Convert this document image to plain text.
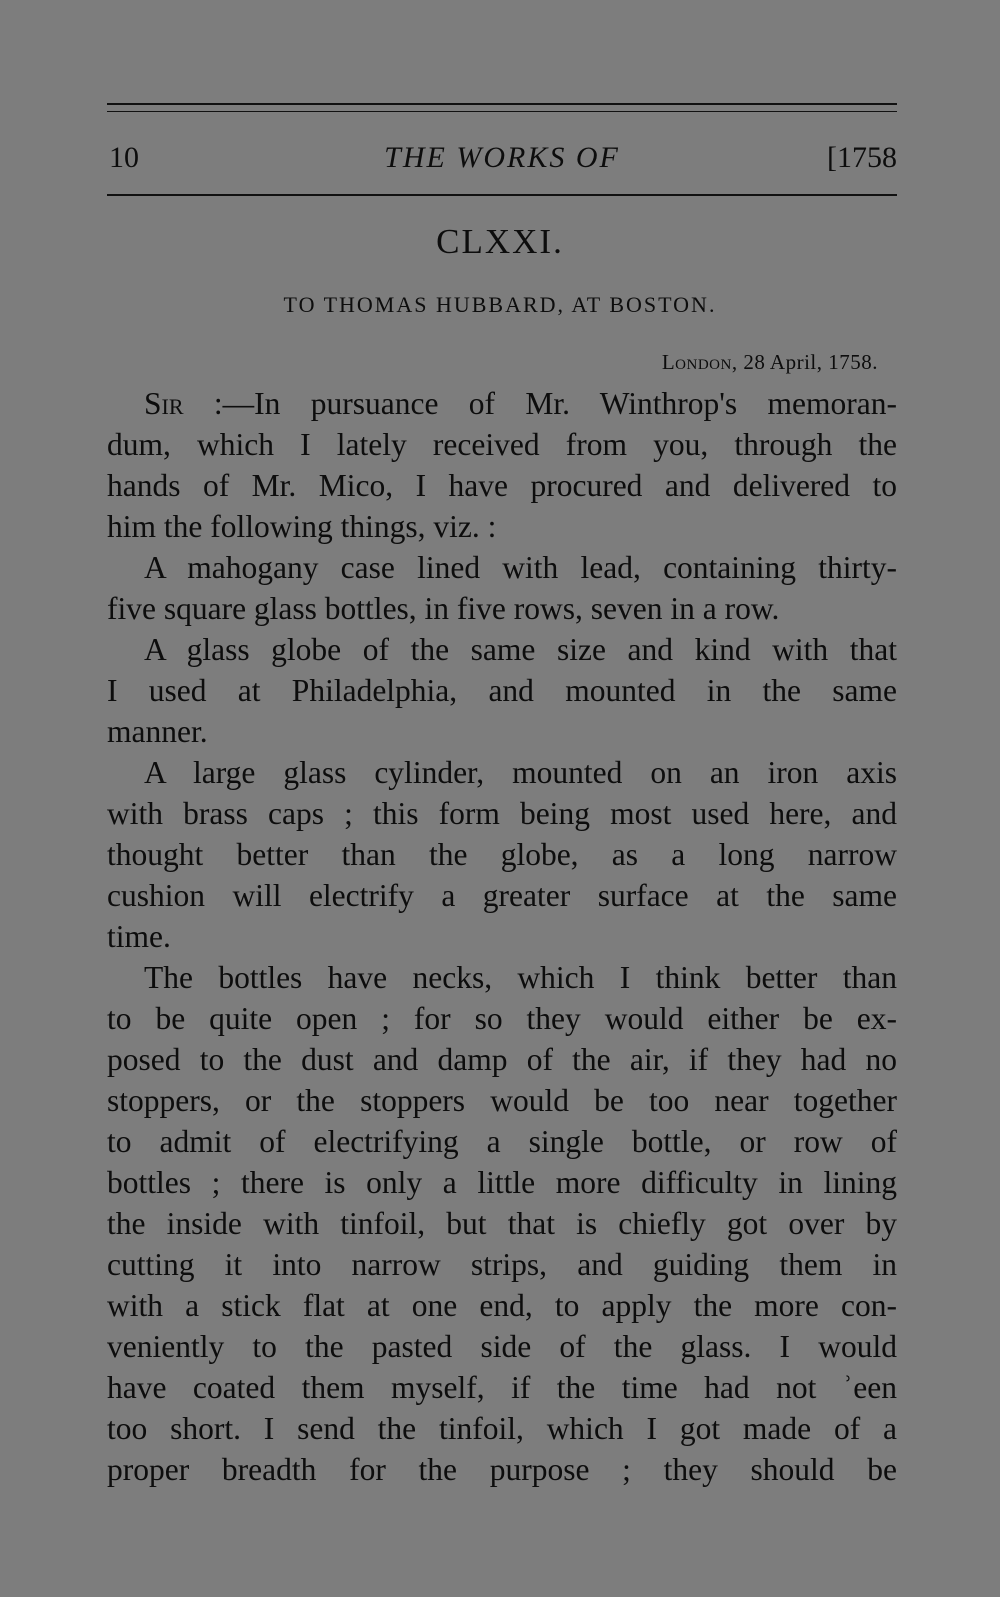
10	THE WORKS OF	[1758
CLXXI.
TO THOMAS HUBBARD, AT BOSTON.
London, 28 April, 1758.
Sir :—In pursuance of Mr. Winthrop's memoran-
dum, which I lately received from you, through the
hands of Mr. Mico, I have procured and delivered to
him the following things, viz. :
A mahogany case lined with lead, containing thirty-
five square glass bottles, in five rows, seven in a row.
A glass globe of the same size and kind with that
I used at Philadelphia, and mounted in the same
manner.
A large glass cylinder, mounted on an iron axis
with brass caps ; this form being most used here, and
thought better than the globe, as a long narrow
cushion will electrify a greater surface at the same
time.
The bottles have necks, which I think better than
to be quite open ; for so they would either be ex-
posed to the dust and damp of the air, if they had no
stoppers, or the stoppers would be too near together
to admit of electrifying a single bottle, or row of
bottles ; there is only a little more difficulty in lining
the inside with tinfoil, but that is chiefly got over by
cutting it into narrow strips, and guiding them in
with a stick flat at one end, to apply the more con-
veniently to the pasted side of the glass. I would
have coated them myself, if the time had not ʾeen
too short. I send the tinfoil, which I got made of a
proper breadth for the purpose ; they should be
